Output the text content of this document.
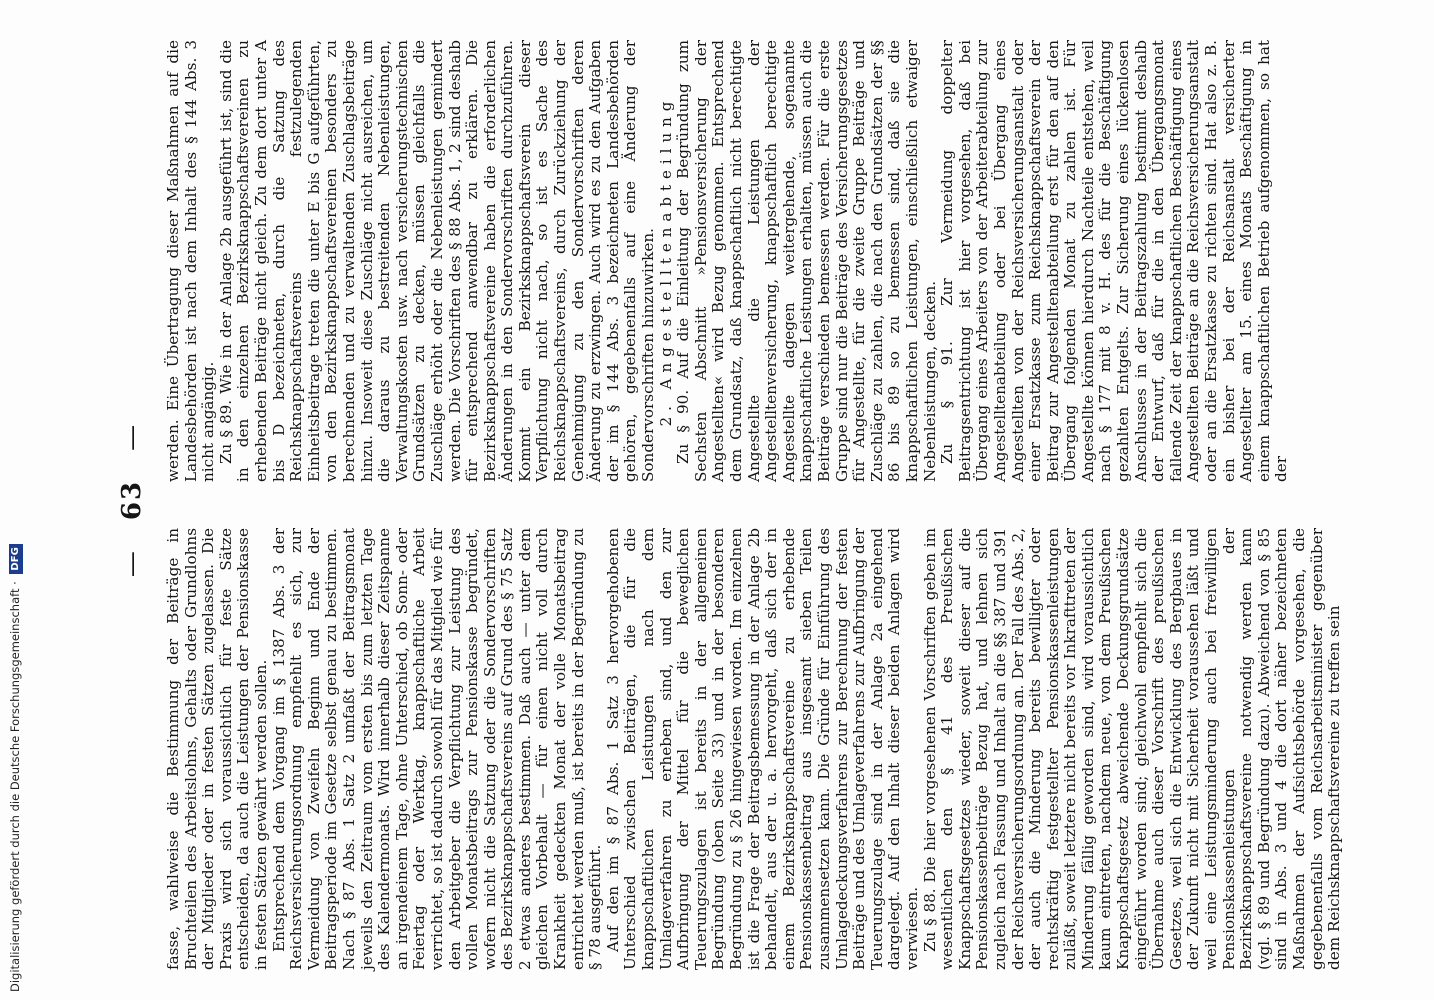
— 63 —

fasse, wahlweise die Bestimmung der Beiträge in Bruchteilen des Arbeitslohns, Gehalts oder Grundlohns der Mitglieder oder in festen Sätzen zugelassen. Die Praxis wird sich voraussichtlich für feste Sätze entscheiden, da auch die Leistungen der Pensionskasse in festen Sätzen gewährt werden sollen. Entsprechend dem Vorgang im § 1387 Abs. 3 der Reichsversicherungsordnung empfiehlt es sich, zur Vermeidung von Zweifeln Beginn und Ende der Beitragsperiode im Gesetze selbst genau zu bestimmen. Nach § 87 Abs. 1 Satz 2 umfaßt der Beitragsmonat jeweils den Zeitraum vom ersten bis zum letzten Tage des Kalendermonats. Wird innerhalb dieser Zeitspanne an irgendeinem Tage, ohne Unterschied, ob Sonn- oder Feiertag oder Werktag, knappschaftliche Arbeit verrichtet, so ist dadurch sowohl für das Mitglied wie für den Arbeitgeber die Verpflichtung zur Leistung des vollen Monatsbeitrags zur Pensionskasse begründet, wofern nicht die Satzung oder die Sondervorschriften des Bezirksknappschaftsvereins auf Grund des § 75 Satz 2 etwas anderes bestimmen. Daß auch — unter dem gleichen Vorbehalt — für einen nicht voll durch Krankheit gedeckten Monat der volle Monatsbeitrag entrichtet werden muß, ist bereits in der Begründung zu § 78 ausgeführt. Auf den im § 87 Abs. 1 Satz 3 hervorgehobenen Unterschied zwischen Beiträgen, die für die knappschaftlichen Leistungen nach dem Umlageverfahren zu erheben sind, und den zur Aufbringung der Mittel für die beweglichen Teuerungszulagen ist bereits in der allgemeinen Begründung (oben Seite 33) und in der besonderen Begründung zu § 26 hingewiesen worden. Im einzelnen ist die Frage der Beitragsbemessung in der Anlage 2b behandelt, aus der u. a. hervorgeht, daß sich der in einem Bezirksknappschaftsvereine zu erhebende Pensionskassenbeitrag aus insgesamt sieben Teilen zusammensetzen kann. Die Gründe für Einführung des Umlagedeckungsverfahrens zur Berechnung der festen Beiträge und des Umlageverfahrens zur Aufbringung der Teuerungszulage sind in der Anlage 2a eingehend dargelegt. Auf den Inhalt dieser beiden Anlagen wird verwiesen. Zu § 88. Die hier vorgesehenen Vorschriften geben im wesentlichen den § 41 des Preußischen Knappschaftsgesetzes wieder, soweit dieser auf die Pensionskassenbeiträge Bezug hat, und lehnen sich zugleich nach Fassung und Inhalt an die §§ 387 und 391 der Reichsversicherungsordnung an. Der Fall des Abs. 2, der auch die Minderung bereits bewilligter oder rechtskräftig festgestellter Pensionskassenleistungen zuläßt, soweit letztere nicht bereits vor Inkrafttreten der Minderung fällig geworden sind, wird voraussichtlich kaum eintreten, nachdem neue, von dem Preußischen Knappschaftsgesetz abweichende Deckungsgrundsätze eingeführt worden sind; gleichwohl empfiehlt sich die Übernahme auch dieser Vorschrift des preußischen Gesetzes, weil sich die Entwicklung des Bergbaues in der Zukunft nicht mit Sicherheit voraussehen läßt und weil eine Leistungsminderung auch bei freiwilligen Pensionskassenleistungen der Bezirksknappschaftsvereine notwendig werden kann (vgl. § 89 und Begründung dazu). Abweichend von § 85 sind in Abs. 3 und 4 die dort näher bezeichneten Maßnahmen der Aufsichtsbehörde vorgesehen, die gegebenenfalls vom Reichsarbeitsminister gegenüber dem Reichsknappschaftsvereine zu treffen sein

werden. Eine Übertragung dieser Maßnahmen auf die Landesbehörden ist nach dem Inhalt des § 144 Abs. 3 nicht angängig. Zu § 89. Wie in der Anlage 2b ausgeführt ist, sind die in den einzelnen Bezirksknappschaftsvereinen zu erhebenden Beiträge nicht gleich. Zu dem dort unter A bis D bezeichneten, durch die Satzung des Reichsknappschaftsvereins festzulegenden Einheitsbeitrage treten die unter E bis G aufgeführten, von den Bezirksknappschaftsvereinen besonders zu berechnenden und zu verwaltenden Zuschlagsbeiträge hinzu. Insoweit diese Zuschläge nicht ausreichen, um die daraus zu bestreitenden Nebenleistungen, Verwaltungskosten usw. nach versicherungstechnischen Grundsätzen zu decken, müssen gleichfalls die Zuschläge erhöht oder die Nebenleistungen gemindert werden. Die Vorschriften des § 88 Abs. 1, 2 sind deshalb für entsprechend anwendbar zu erklären. Die Bezirksknappschaftsvereine haben die erforderlichen Änderungen in den Sondervorschriften durchzuführen. Kommt ein Bezirksknappschaftsverein dieser Verpflichtung nicht nach, so ist es Sache des Reichsknappschaftsvereins, durch Zurückziehung der Genehmigung zu den Sondervorschriften deren Änderung zu erzwingen. Auch wird es zu den Aufgaben der im § 144 Abs. 3 bezeichneten Landesbehörden gehören, gegebenenfalls auf eine Änderung der Sondervorschriften hinzuwirken. 2. Angestelltenabteilung Zu § 90. Auf die Einleitung der Begründung zum Sechsten Abschnitt »Pensionsversicherung der Angestellten« wird Bezug genommen. Entsprechend dem Grundsatz, daß knappschaftlich nicht berechtigte Angestellte die Leistungen der Angestelltenversicherung, knappschaftlich berechtigte Angestellte dagegen weitergehende, sogenannte knappschaftliche Leistungen erhalten, müssen auch die Beiträge verschieden bemessen werden. Für die erste Gruppe sind nur die Beiträge des Versicherungsgesetzes für Angestellte, für die zweite Gruppe Beiträge und Zuschläge zu zahlen, die nach den Grundsätzen der §§ 86 bis 89 so zu bemessen sind, daß sie die knappschaftlichen Leistungen, einschließlich etwaiger Nebenleistungen, decken. Zu § 91. Zur Vermeidung doppelter Beitragsentrichtung ist hier vorgesehen, daß bei Übergang eines Arbeiters von der Arbeiterabteilung zur Angestelltenabteilung oder bei Übergang eines Angestellten von der Reichsversicherungsanstalt oder einer Ersatzkasse zum Reichsknappschaftsverein der Beitrag zur Angestelltenabteilung erst für den auf den Übergang folgenden Monat zu zahlen ist. Für Angestellte können hierdurch Nachteile entstehen, weil nach § 177 mit 8 v. H. des für die Beschäftigung gezahlten Entgelts. Zur Sicherung eines lückenlosen Anschlusses in der Beitragszahlung bestimmt deshalb der Entwurf, daß für die in den Übergangsmonat fallende Zeit der knappschaftlichen Beschäftigung eines Angestellten Beiträge an die Reichsversicherungsanstalt oder an die Ersatzkasse zu richten sind. Hat also z. B. ein bisher bei der Reichsanstalt versicherter Angestellter am 15. eines Monats Beschäftigung in einem knappschaftlichen Betrieb aufgenommen, so hat der

Digitalisierung gefördert durch die Deutsche Forschungsgemeinschaft · DFG
